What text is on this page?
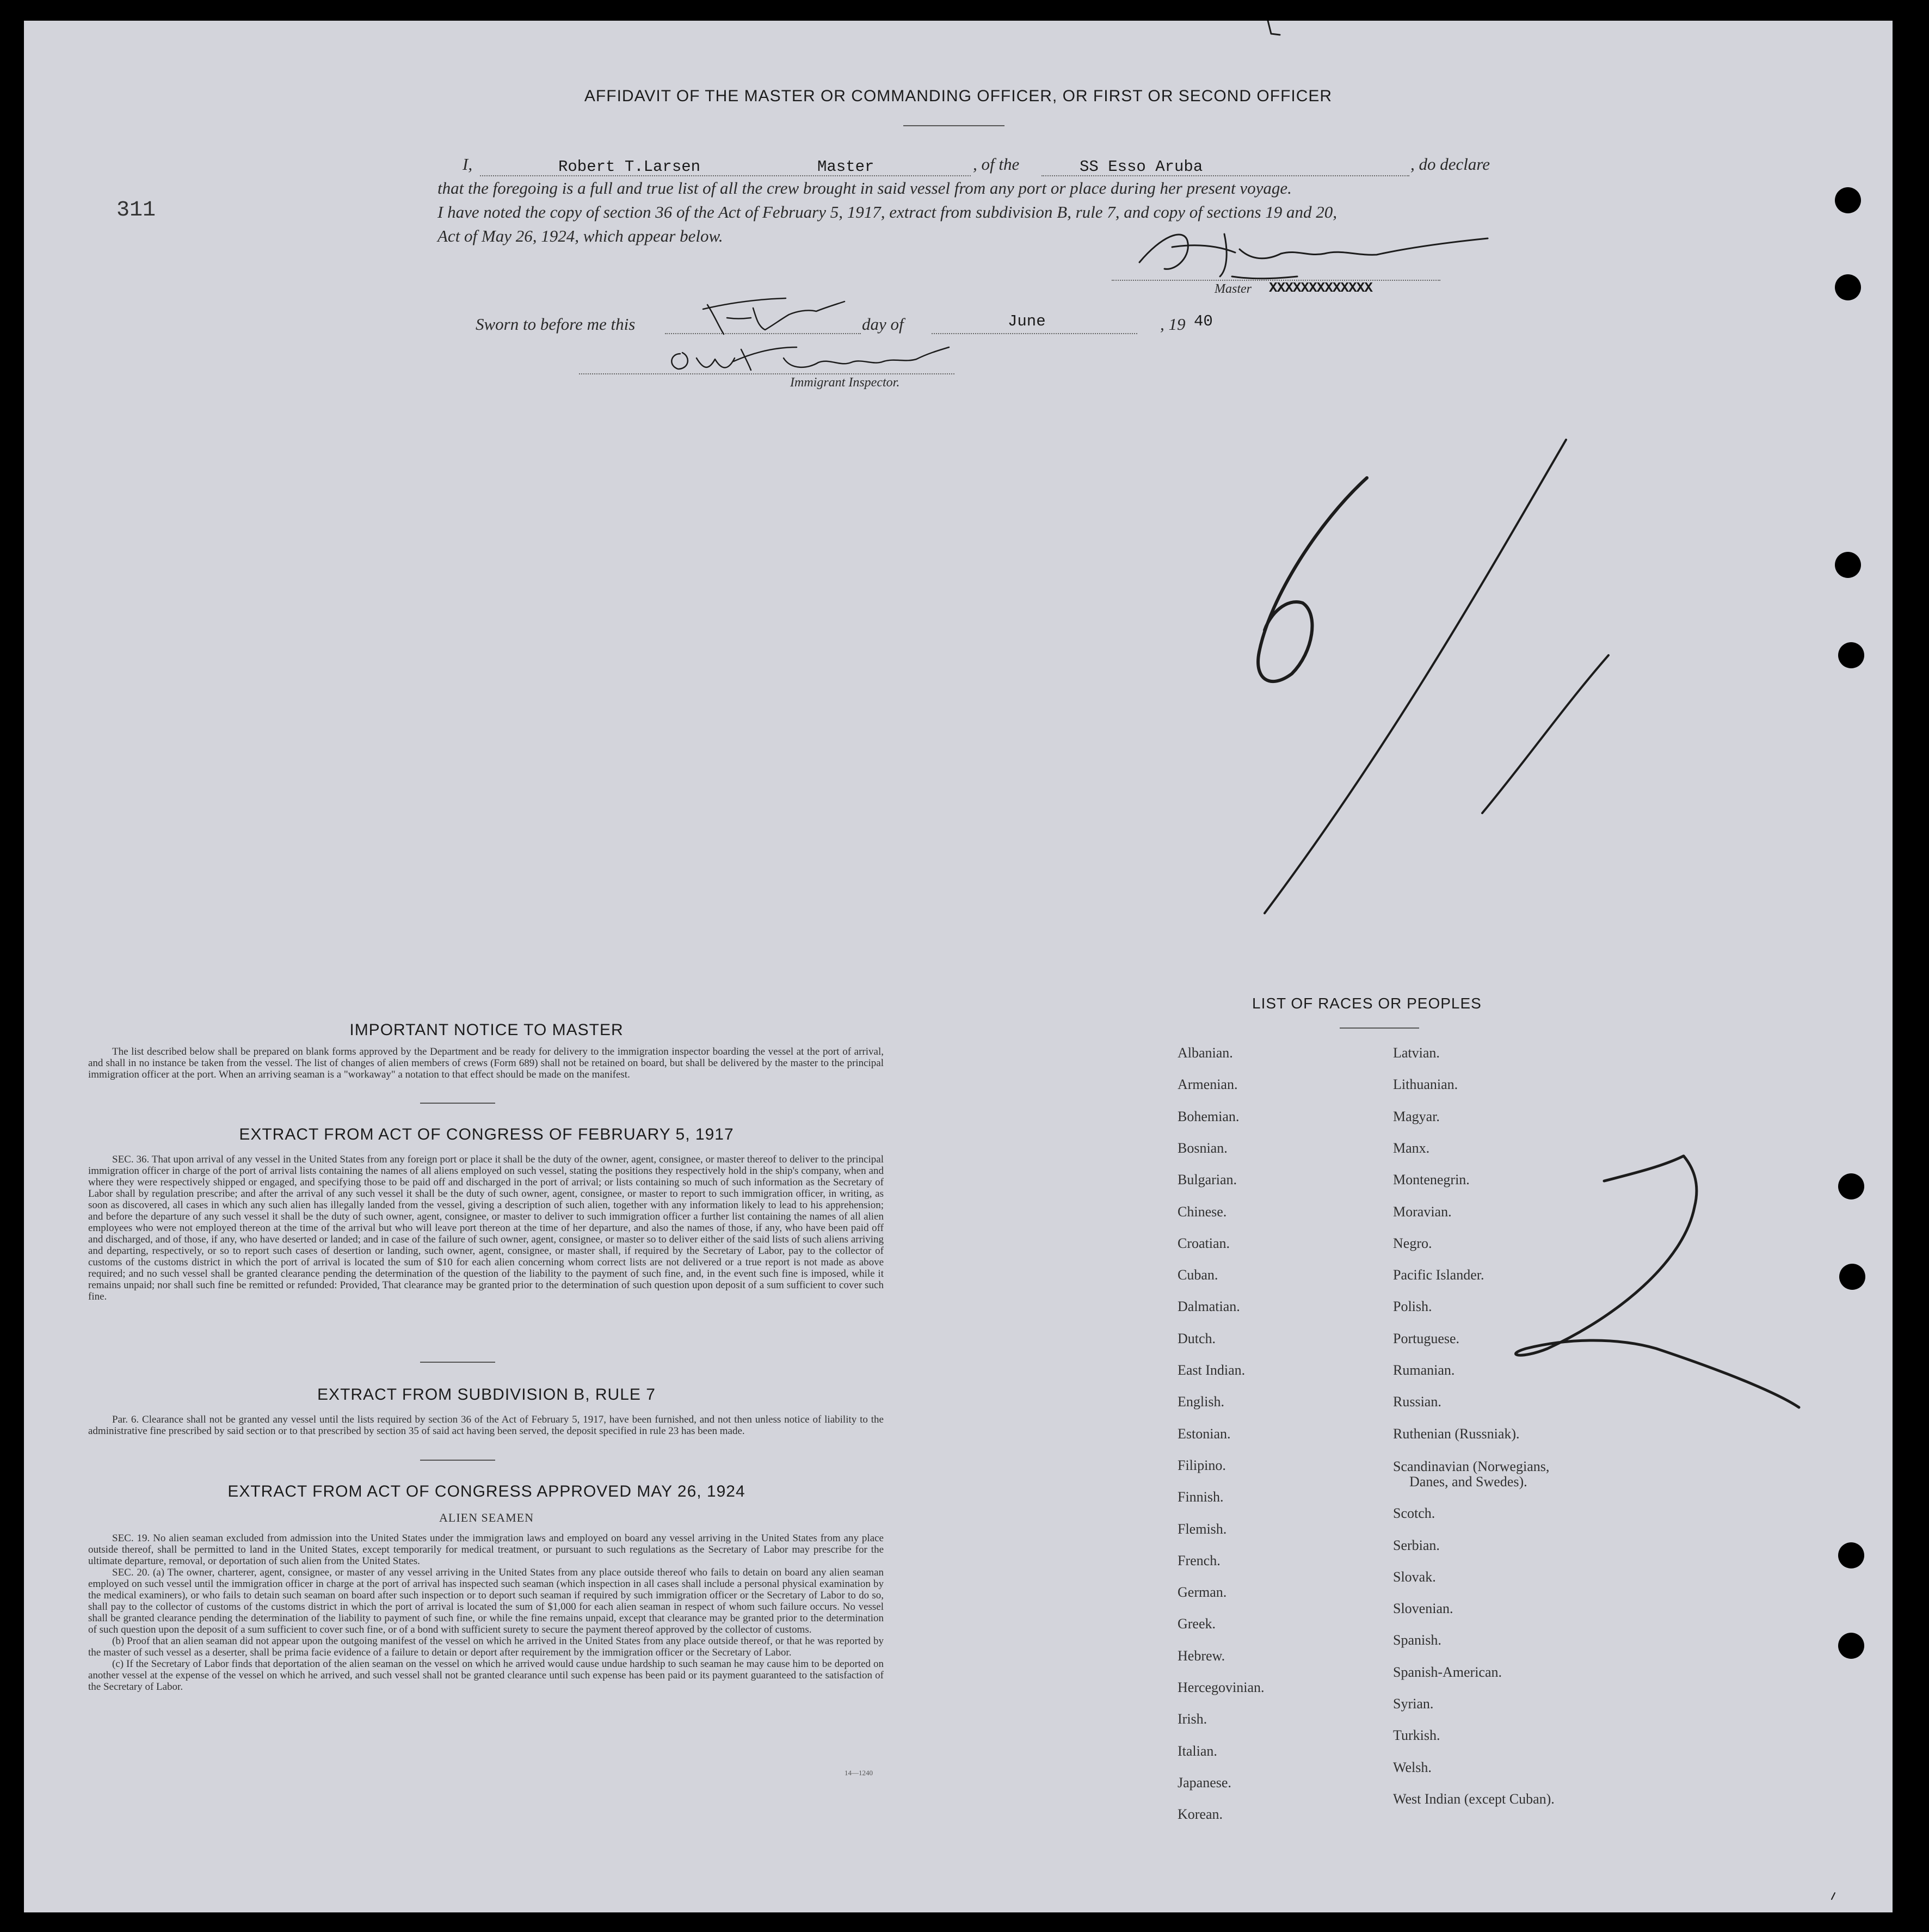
AFFIDAVIT OF THE MASTER OR COMMANDING OFFICER, OR FIRST OR SECOND OFFICER
311
I,	Robert T.Larsen	Master	, of the	SS Esso Aruba	, do declare
that the foregoing is a full and true list of all the crew brought in said vessel from any port or place during her present voyage.
I have noted the copy of section 36 of the Act of February 5, 1917, extract from subdivision B, rule 7, and copy of sections 19 and 20,
Act of May 26, 1924, which appear below.
Master XXXXXXXXXXXXX
Sworn to before me this	day of	June	, 19 40
Immigrant Inspector.
IMPORTANT NOTICE TO MASTER

The list described below shall be prepared on blank forms approved by the Department and be ready for delivery to the immigration inspector boarding the vessel at the port of arrival, and shall in no instance be taken from the vessel. The list of changes of alien members of crews (Form 689) shall not be retained on board, but shall be delivered by the master to the principal immigration officer at the port. When an arriving seaman is a "workaway" a notation to that effect should be made on the manifest.

EXTRACT FROM ACT OF CONGRESS OF FEBRUARY 5, 1917

SEC. 36. That upon arrival of any vessel in the United States from any foreign port or place it shall be the duty of the owner, agent, consignee, or master thereof to deliver to the principal immigration officer in charge of the port of arrival lists containing the names of all aliens employed on such vessel, stating the positions they respectively hold in the ship's company, when and where they were respectively shipped or engaged, and specifying those to be paid off and discharged in the port of arrival; or lists containing so much of such information as the Secretary of Labor shall by regulation prescribe; and after the arrival of any such vessel it shall be the duty of such owner, agent, consignee, or master to report to such immigration officer, in writing, as soon as discovered, all cases in which any such alien has illegally landed from the vessel, giving a description of such alien, together with any information likely to lead to his apprehension; and before the departure of any such vessel it shall be the duty of such owner, agent, consignee, or master to deliver to such immigration officer a further list containing the names of all alien employees who were not employed thereon at the time of the arrival but who will leave port thereon at the time of her departure, and also the names of those, if any, who have been paid off and discharged, and of those, if any, who have deserted or landed; and in case of the failure of such owner, agent, consignee, or master so to deliver either of the said lists of such aliens arriving and departing, respectively, or so to report such cases of desertion or landing, such owner, agent, consignee, or master shall, if required by the Secretary of Labor, pay to the collector of customs of the customs district in which the port of arrival is located the sum of $10 for each alien concerning whom correct lists are not delivered or a true report is not made as above required; and no such vessel shall be granted clearance pending the determination of the question of the liability to the payment of such fine, and, in the event such fine is imposed, while it remains unpaid; nor shall such fine be remitted or refunded: Provided, That clearance may be granted prior to the determination of such question upon deposit of a sum sufficient to cover such fine.

EXTRACT FROM SUBDIVISION B, RULE 7

Par. 6. Clearance shall not be granted any vessel until the lists required by section 36 of the Act of February 5, 1917, have been furnished, and not then unless notice of liability to the administrative fine prescribed by said section or to that prescribed by section 35 of said act having been served, the deposit specified in rule 23 has been made.

EXTRACT FROM ACT OF CONGRESS APPROVED MAY 26, 1924
ALIEN SEAMEN

SEC. 19. No alien seaman excluded from admission into the United States under the immigration laws and employed on board any vessel arriving in the United States from any place outside thereof, shall be permitted to land in the United States, except temporarily for medical treatment, or pursuant to such regulations as the Secretary of Labor may prescribe for the ultimate departure, removal, or deportation of such alien from the United States.

SEC. 20. (a) The owner, charterer, agent, consignee, or master of any vessel arriving in the United States from any place outside thereof who fails to detain on board any alien seaman employed on such vessel until the immigration officer in charge at the port of arrival has inspected such seaman (which inspection in all cases shall include a personal physical examination by the medical examiners), or who fails to detain such seaman on board after such inspection or to deport such seaman if required by such immigration officer or the Secretary of Labor to do so, shall pay to the collector of customs of the customs district in which the port of arrival is located the sum of $1,000 for each alien seaman in respect of whom such failure occurs. No vessel shall be granted clearance pending the determination of the liability to payment of such fine, or while the fine remains unpaid, except that clearance may be granted prior to the determination of such question upon the deposit of a sum sufficient to cover such fine, or of a bond with sufficient surety to secure the payment thereof approved by the collector of customs.

(b) Proof that an alien seaman did not appear upon the outgoing manifest of the vessel on which he arrived in the United States from any place outside thereof, or that he was reported by the master of such vessel as a deserter, shall be prima facie evidence of a failure to detain or deport after requirement by the immigration officer or the Secretary of Labor.

(c) If the Secretary of Labor finds that deportation of the alien seaman on the vessel on which he arrived would cause undue hardship to such seaman he may cause him to be deported on another vessel at the expense of the vessel on which he arrived, and such vessel shall not be granted clearance until such expense has been paid or its payment guaranteed to the satisfaction of the Secretary of Labor.

14—1240
LIST OF RACES OR PEOPLES
Albanian.
Armenian.
Bohemian.
Bosnian.
Bulgarian.
Chinese.
Croatian.
Cuban.
Dalmatian.
Dutch.
East Indian.
English.
Estonian.
Filipino.
Finnish.
Flemish.
French.
German.
Greek.
Hebrew.
Hercegovinian.
Irish.
Italian.
Japanese.
Korean.
Latvian.
Lithuanian.
Magyar.
Manx.
Montenegrin.
Moravian.
Negro.
Pacific Islander.
Polish.
Portuguese.
Rumanian.
Russian.
Ruthenian (Russniak).
Scandinavian (Norwegians,
Danes, and Swedes).
Scotch.
Serbian.
Slovak.
Slovenian.
Spanish.
Spanish-American.
Syrian.
Turkish.
Welsh.
West Indian (except Cuban).
